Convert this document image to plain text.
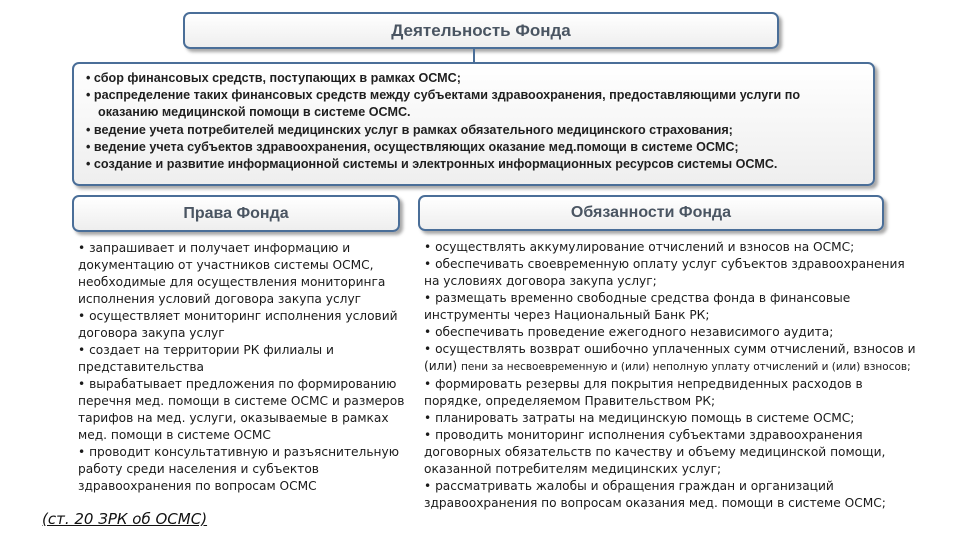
Деятельность Фонда
• сбор финансовых средств, поступающих в рамках ОСМС;
• распределение таких финансовых средств между субъектами здравоохранения, предоставляющими услуги по оказанию медицинской помощи в системе ОСМС.
• ведение учета потребителей медицинских услуг в рамках обязательного медицинского страхования;
• ведение учета субъектов здравоохранения, осуществляющих оказание мед.помощи в системе ОСМС;
• создание и развитие информационной системы и электронных информационных ресурсов системы ОСМС.
Права Фонда	Обязанности Фонда
• запрашивает и получает информацию и документацию от участников системы ОСМС, необходимые для осуществления мониторинга исполнения условий договора закупа услуг
• осуществляет мониторинг исполнения условий договора закупа услуг
• создает на территории РК филиалы и представительства
• вырабатывает предложения по формированию перечня мед. помощи в системе ОСМС и размеров тарифов на мед. услуги, оказываемые в рамках мед. помощи в системе ОСМС
• проводит консультативную и разъяснительную работу среди населения и субъектов здравоохранения по вопросам ОСМС
• осуществлять аккумулирование отчислений и взносов на ОСМС;
• обеспечивать своевременную оплату услуг субъектов здравоохранения на условиях договора закупа услуг;
• размещать временно свободные средства фонда в финансовые инструменты через Национальный Банк РК;
• обеспечивать проведение ежегодного независимого аудита;
• осуществлять возврат ошибочно уплаченных сумм отчислений, взносов и (или) пени за несвоевременную и (или) неполную уплату отчислений и (или) взносов;
• формировать резервы для покрытия непредвиденных расходов в порядке, определяемом Правительством РК;
• планировать затраты на медицинскую помощь в системе ОСМС;
• проводить мониторинг исполнения субъектами здравоохранения договорных обязательств по качеству и объему медицинской помощи, оказанной потребителям медицинских услуг;
• рассматривать жалобы и обращения граждан и организаций здравоохранения по вопросам оказания мед. помощи в системе ОСМС;
(ст. 20 ЗРК об ОСМС)
